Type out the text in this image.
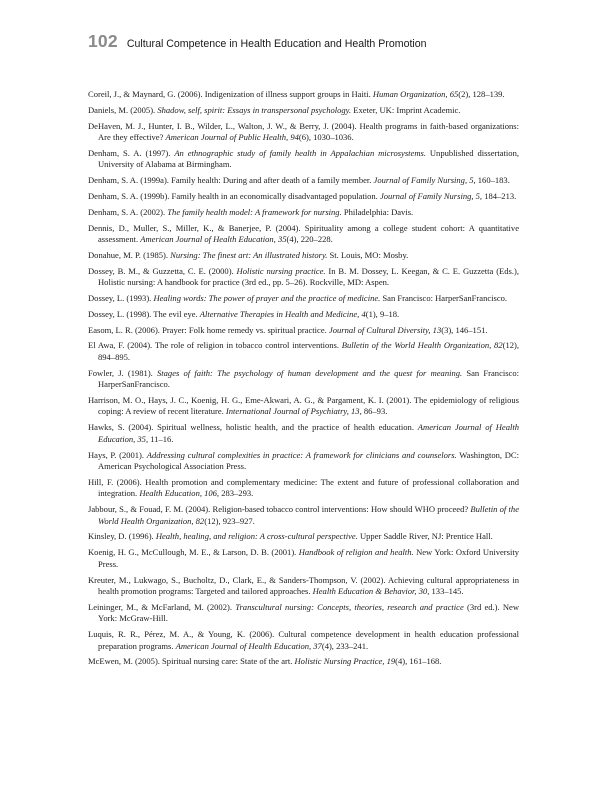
102 Cultural Competence in Health Education and Health Promotion
Coreil, J., & Maynard, G. (2006). Indigenization of illness support groups in Haiti. Human Organization, 65(2), 128–139.
Daniels, M. (2005). Shadow, self, spirit: Essays in transpersonal psychology. Exeter, UK: Imprint Academic.
DeHaven, M. J., Hunter, I. B., Wilder, L., Walton, J. W., & Berry, J. (2004). Health programs in faith-based organizations: Are they effective? American Journal of Public Health, 94(6), 1030–1036.
Denham, S. A. (1997). An ethnographic study of family health in Appalachian microsystems. Unpublished dissertation, University of Alabama at Birmingham.
Denham, S. A. (1999a). Family health: During and after death of a family member. Journal of Family Nursing, 5, 160–183.
Denham, S. A. (1999b). Family health in an economically disadvantaged population. Journal of Family Nursing, 5, 184–213.
Denham, S. A. (2002). The family health model: A framework for nursing. Philadelphia: Davis.
Dennis, D., Muller, S., Miller, K., & Banerjee, P. (2004). Spirituality among a college student cohort: A quantitative assessment. American Journal of Health Education, 35(4), 220–228.
Donahue, M. P. (1985). Nursing: The finest art: An illustrated history. St. Louis, MO: Mosby.
Dossey, B. M., & Guzzetta, C. E. (2000). Holistic nursing practice. In B. M. Dossey, L. Keegan, & C. E. Guzzetta (Eds.), Holistic nursing: A handbook for practice (3rd ed., pp. 5–26). Rockville, MD: Aspen.
Dossey, L. (1993). Healing words: The power of prayer and the practice of medicine. San Francisco: HarperSanFrancisco.
Dossey, L. (1998). The evil eye. Alternative Therapies in Health and Medicine, 4(1), 9–18.
Easom, L. R. (2006). Prayer: Folk home remedy vs. spiritual practice. Journal of Cultural Diversity, 13(3), 146–151.
El Awa, F. (2004). The role of religion in tobacco control interventions. Bulletin of the World Health Organization, 82(12), 894–895.
Fowler, J. (1981). Stages of faith: The psychology of human development and the quest for meaning. San Francisco: HarperSanFrancisco.
Harrison, M. O., Hays, J. C., Koenig, H. G., Eme-Akwari, A. G., & Pargament, K. I. (2001). The epidemiology of religious coping: A review of recent literature. International Journal of Psychiatry, 13, 86–93.
Hawks, S. (2004). Spiritual wellness, holistic health, and the practice of health education. American Journal of Health Education, 35, 11–16.
Hays, P. (2001). Addressing cultural complexities in practice: A framework for clinicians and counselors. Washington, DC: American Psychological Association Press.
Hill, F. (2006). Health promotion and complementary medicine: The extent and future of professional collaboration and integration. Health Education, 106, 283–293.
Jabbour, S., & Fouad, F. M. (2004). Religion-based tobacco control interventions: How should WHO proceed? Bulletin of the World Health Organization, 82(12), 923–927.
Kinsley, D. (1996). Health, healing, and religion: A cross-cultural perspective. Upper Saddle River, NJ: Prentice Hall.
Koenig, H. G., McCullough, M. E., & Larson, D. B. (2001). Handbook of religion and health. New York: Oxford University Press.
Kreuter, M., Lukwago, S., Bucholtz, D., Clark, E., & Sanders-Thompson, V. (2002). Achieving cultural appropriateness in health promotion programs: Targeted and tailored approaches. Health Education & Behavior, 30, 133–145.
Leininger, M., & McFarland, M. (2002). Transcultural nursing: Concepts, theories, research and practice (3rd ed.). New York: McGraw-Hill.
Luquis, R. R., Pérez, M. A., & Young, K. (2006). Cultural competence development in health education professional preparation programs. American Journal of Health Education, 37(4), 233–241.
McEwen, M. (2005). Spiritual nursing care: State of the art. Holistic Nursing Practice, 19(4), 161–168.
